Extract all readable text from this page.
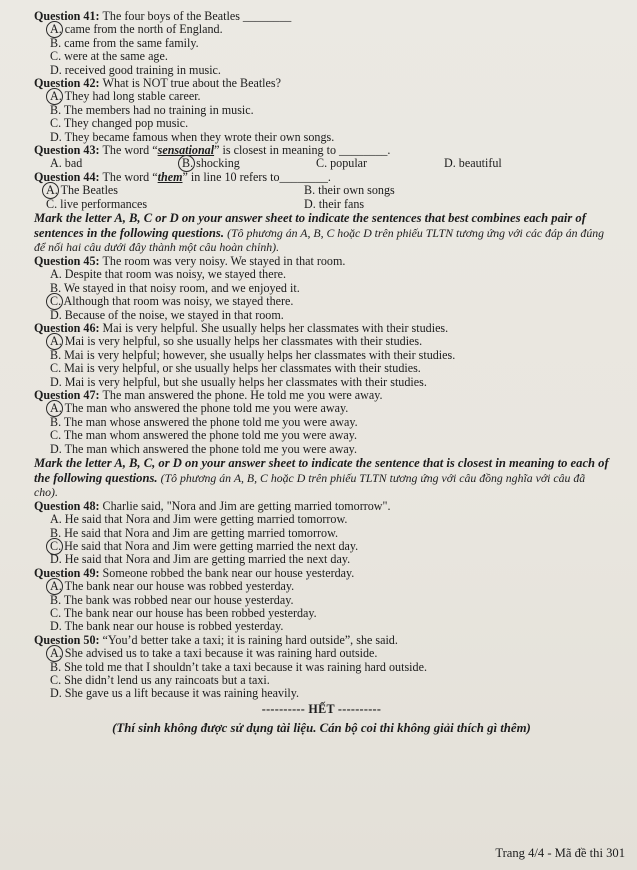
Question 41: The four boys of the Beatles ________
A. came from the north of England.
B. came from the same family.
C. were at the same age.
D. received good training in music.
Question 42: What is NOT true about the Beatles?
A. They had long stable career.
B. The members had no training in music.
C. They changed pop music.
D. They became famous when they wrote their own songs.
Question 43: The word “sensational” is closest in meaning to ________.
A. bad	B. shocking	C. popular	D. beautiful
Question 44: The word “them” in line 10 refers to________.
A. The Beatles	B. their own songs
C. live performances	D. their fans
Mark the letter A, B, C or D on your answer sheet to indicate the sentences that best combines each pair of sentences in the following questions. (Tô phương án A, B, C hoặc D trên phiếu TLTN tương ứng với các đáp án đúng để nối hai câu dưới đây thành một câu hoàn chỉnh).
Question 45: The room was very noisy. We stayed in that room.
A. Despite that room was noisy, we stayed there.
B. We stayed in that noisy room, and we enjoyed it.
C. Although that room was noisy, we stayed there.
D. Because of the noise, we stayed in that room.
Question 46: Mai is very helpful. She usually helps her classmates with their studies.
A. Mai is very helpful, so she usually helps her classmates with their studies.
B. Mai is very helpful; however, she usually helps her classmates with their studies.
C. Mai is very helpful, or she usually helps her classmates with their studies.
D. Mai is very helpful, but she usually helps her classmates with their studies.
Question 47: The man answered the phone. He told me you were away.
A. The man who answered the phone told me you were away.
B. The man whose answered the phone told me you were away.
C. The man whom answered the phone told me you were away.
D. The man which answered the phone told me you were away.
Mark the letter A, B, C, or D on your answer sheet to indicate the sentence that is closest in meaning to each of the following questions. (Tô phương án A, B, C hoặc D trên phiếu TLTN tương ứng với câu đồng nghĩa với câu đã cho).
Question 48: Charlie said, "Nora and Jim are getting married tomorrow".
A. He said that Nora and Jim were getting married tomorrow.
B. He said that Nora and Jim are getting married tomorrow.
C. He said that Nora and Jim were getting married the next day.
D. He said that Nora and Jim are getting married the next day.
Question 49: Someone robbed the bank near our house yesterday.
A. The bank near our house was robbed yesterday.
B. The bank was robbed near our house yesterday.
C. The bank near our house has been robbed yesterday.
D. The bank near our house is robbed yesterday.
Question 50: “You’d better take a taxi; it is raining hard outside”, she said.
A. She advised us to take a taxi because it was raining hard outside.
B. She told me that I shouldn’t take a taxi because it was raining hard outside.
C. She didn’t lend us any raincoats but a taxi.
D. She gave us a lift because it was raining heavily.
---------- HẾT ----------
(Thí sinh không được sử dụng tài liệu. Cán bộ coi thi không giải thích gì thêm)
Trang 4/4 - Mã đề thi 301
